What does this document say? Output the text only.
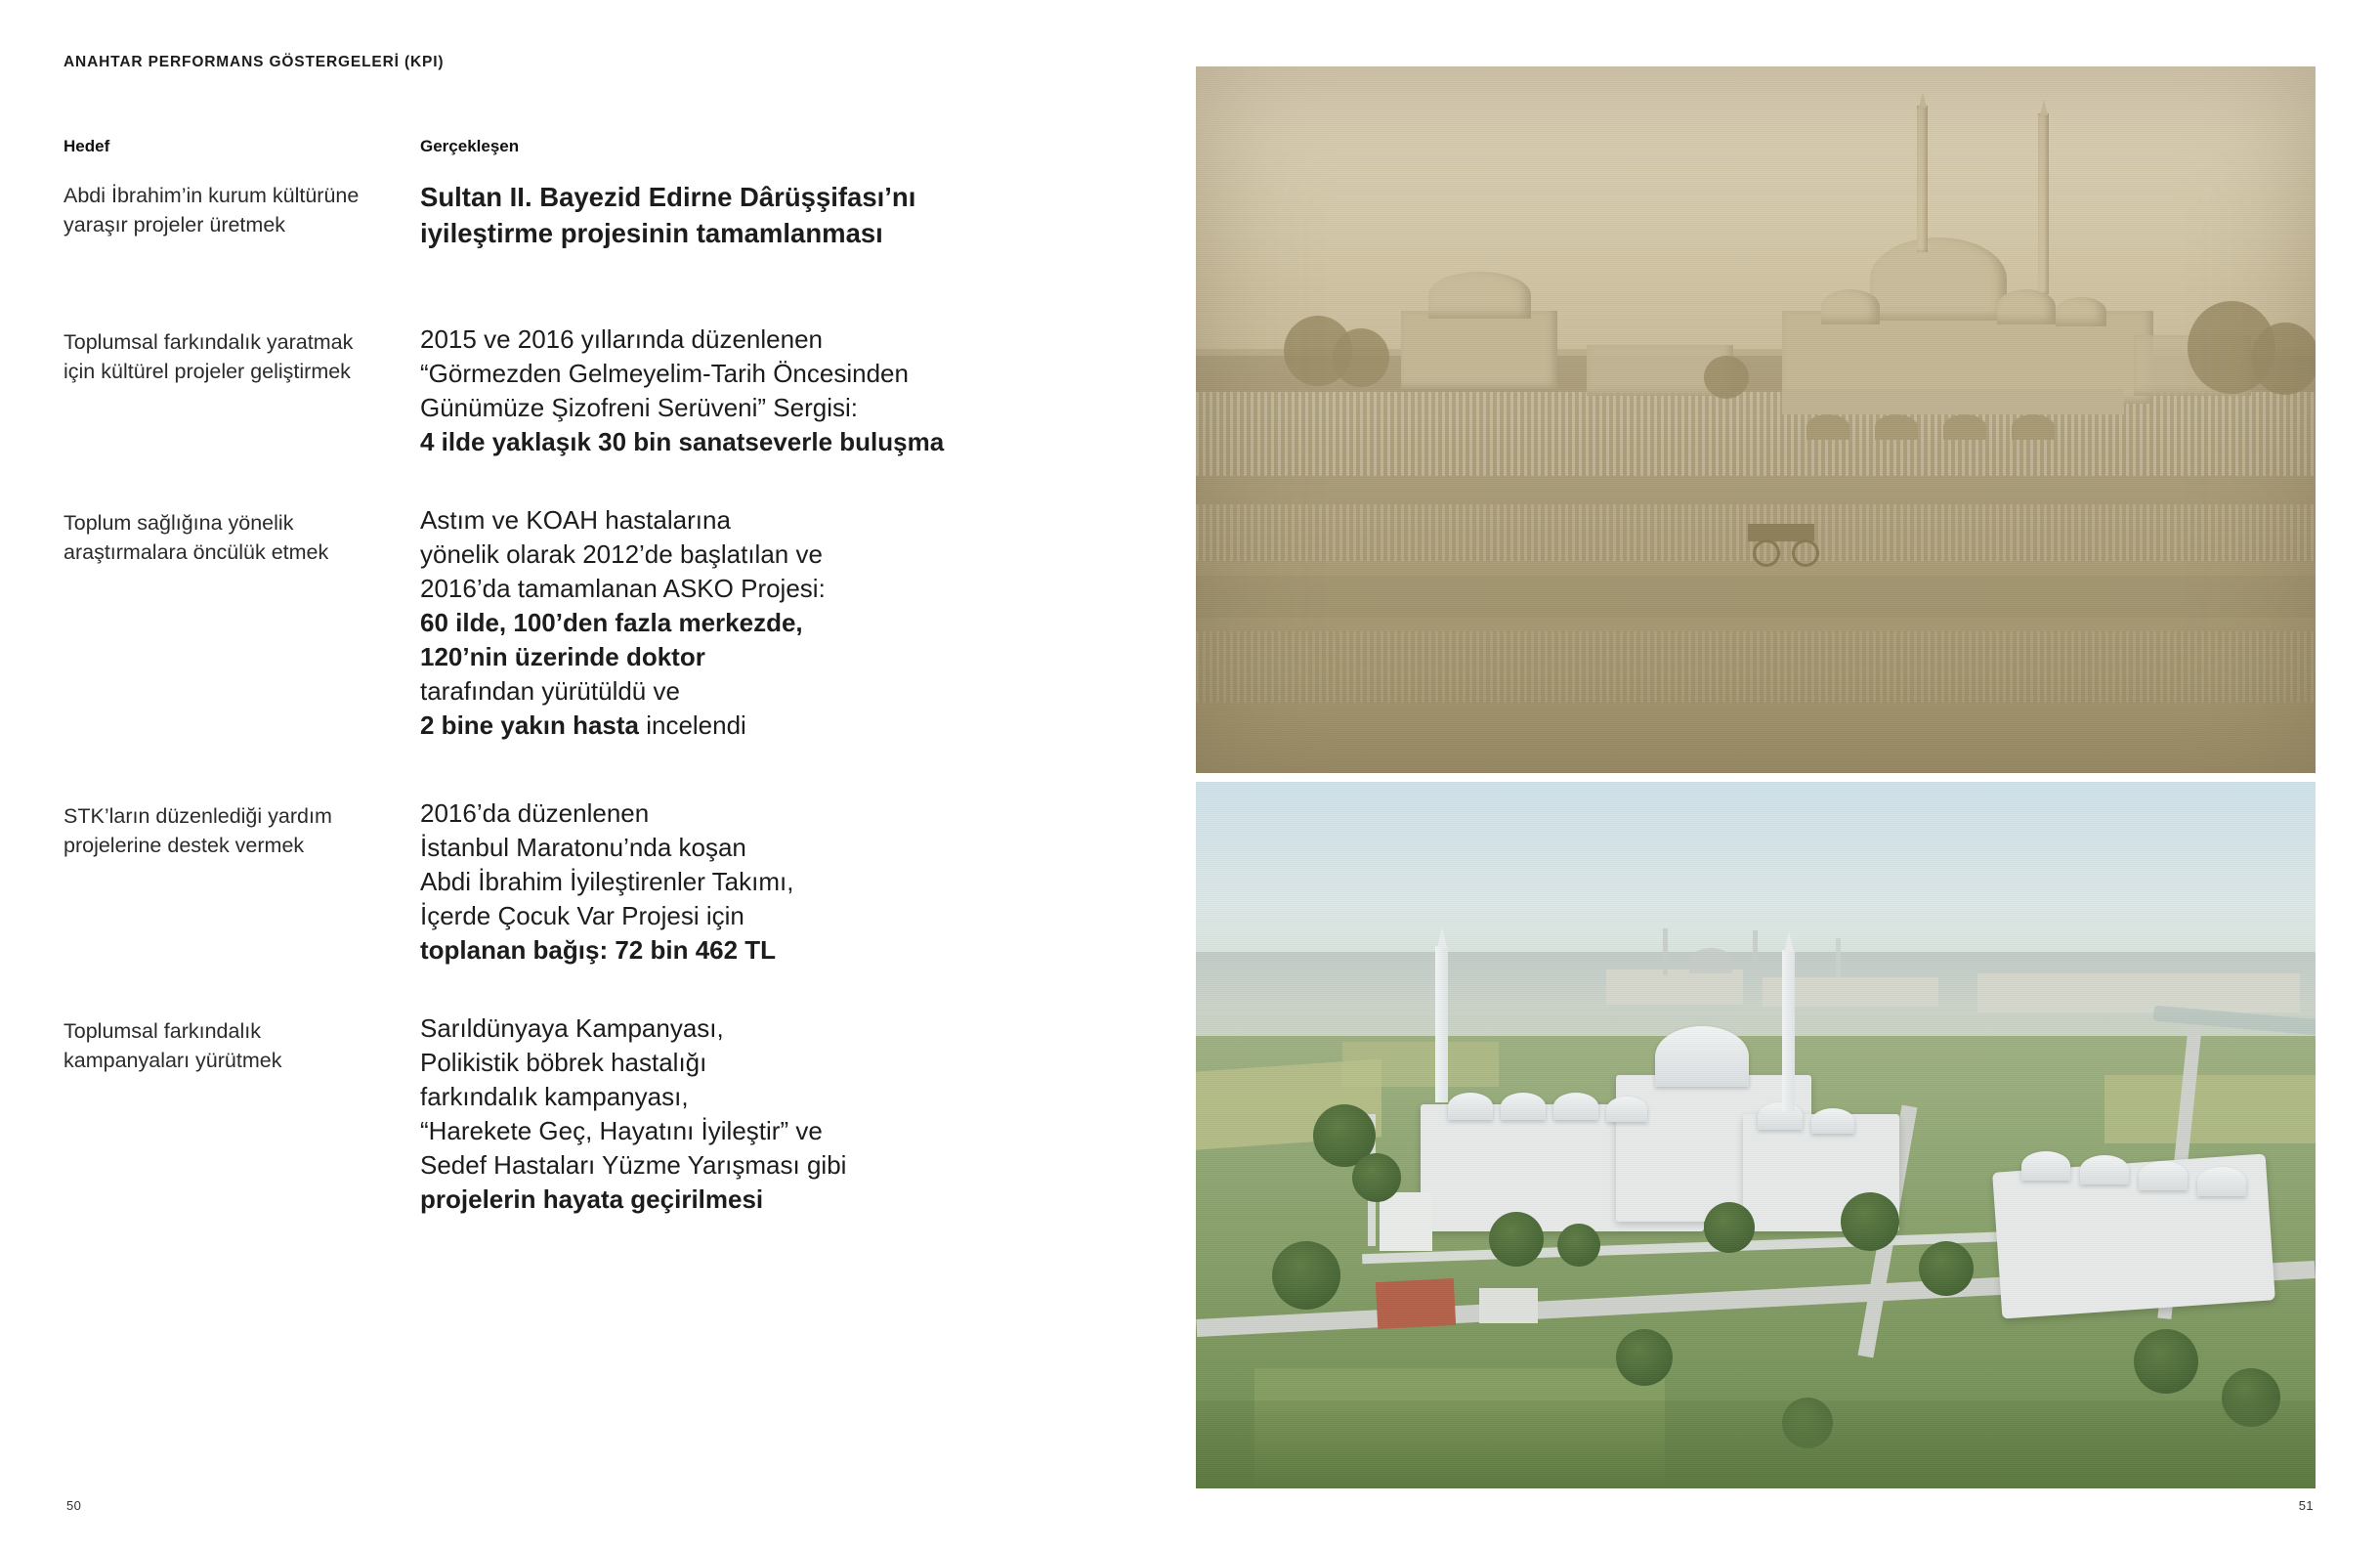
ANAHTAR PERFORMANS GÖSTERGELERİ (KPI)
Hedef	Gerçekleşen
Abdi İbrahim’in kurum kültürüne yaraşır projeler üretmek
Sultan II. Bayezid Edirne Dârüşşifası’nı
iyileştirme projesinin tamamlanması
Toplumsal farkındalık yaratmak için kültürel projeler geliştirmek
2015 ve 2016 yıllarında düzenlenen
“Görmezden Gelmeyelim-Tarih Öncesinden
Günümüze Şizofreni Serüveni” Sergisi:
4 ilde yaklaşık 30 bin sanatseverle buluşma
Toplum sağlığına yönelik araştırmalara öncülük etmek
Astım ve KOAH hastalarına
yönelik olarak 2012’de başlatılan ve
2016’da tamamlanan ASKO Projesi:
60 ilde, 100’den fazla merkezde,
120’nin üzerinde doktor
tarafından yürütüldü ve
2 bine yakın hasta incelendi
STK’ların düzenlediği yardım projelerine destek vermek
2016’da düzenlenen
İstanbul Maratonu’nda koşan
Abdi İbrahim İyileştirenler Takımı,
İçerde Çocuk Var Projesi için
toplanan bağış: 72 bin 462 TL
Toplumsal farkındalık kampanyaları yürütmek
Sarıldünyaya Kampanyası,
Polikistik böbrek hastalığı
farkındalık kampanyası,
“Harekete Geç, Hayatını İyileştir” ve
Sedef Hastaları Yüzme Yarışması gibi
projelerin hayata geçirilmesi
50	51
